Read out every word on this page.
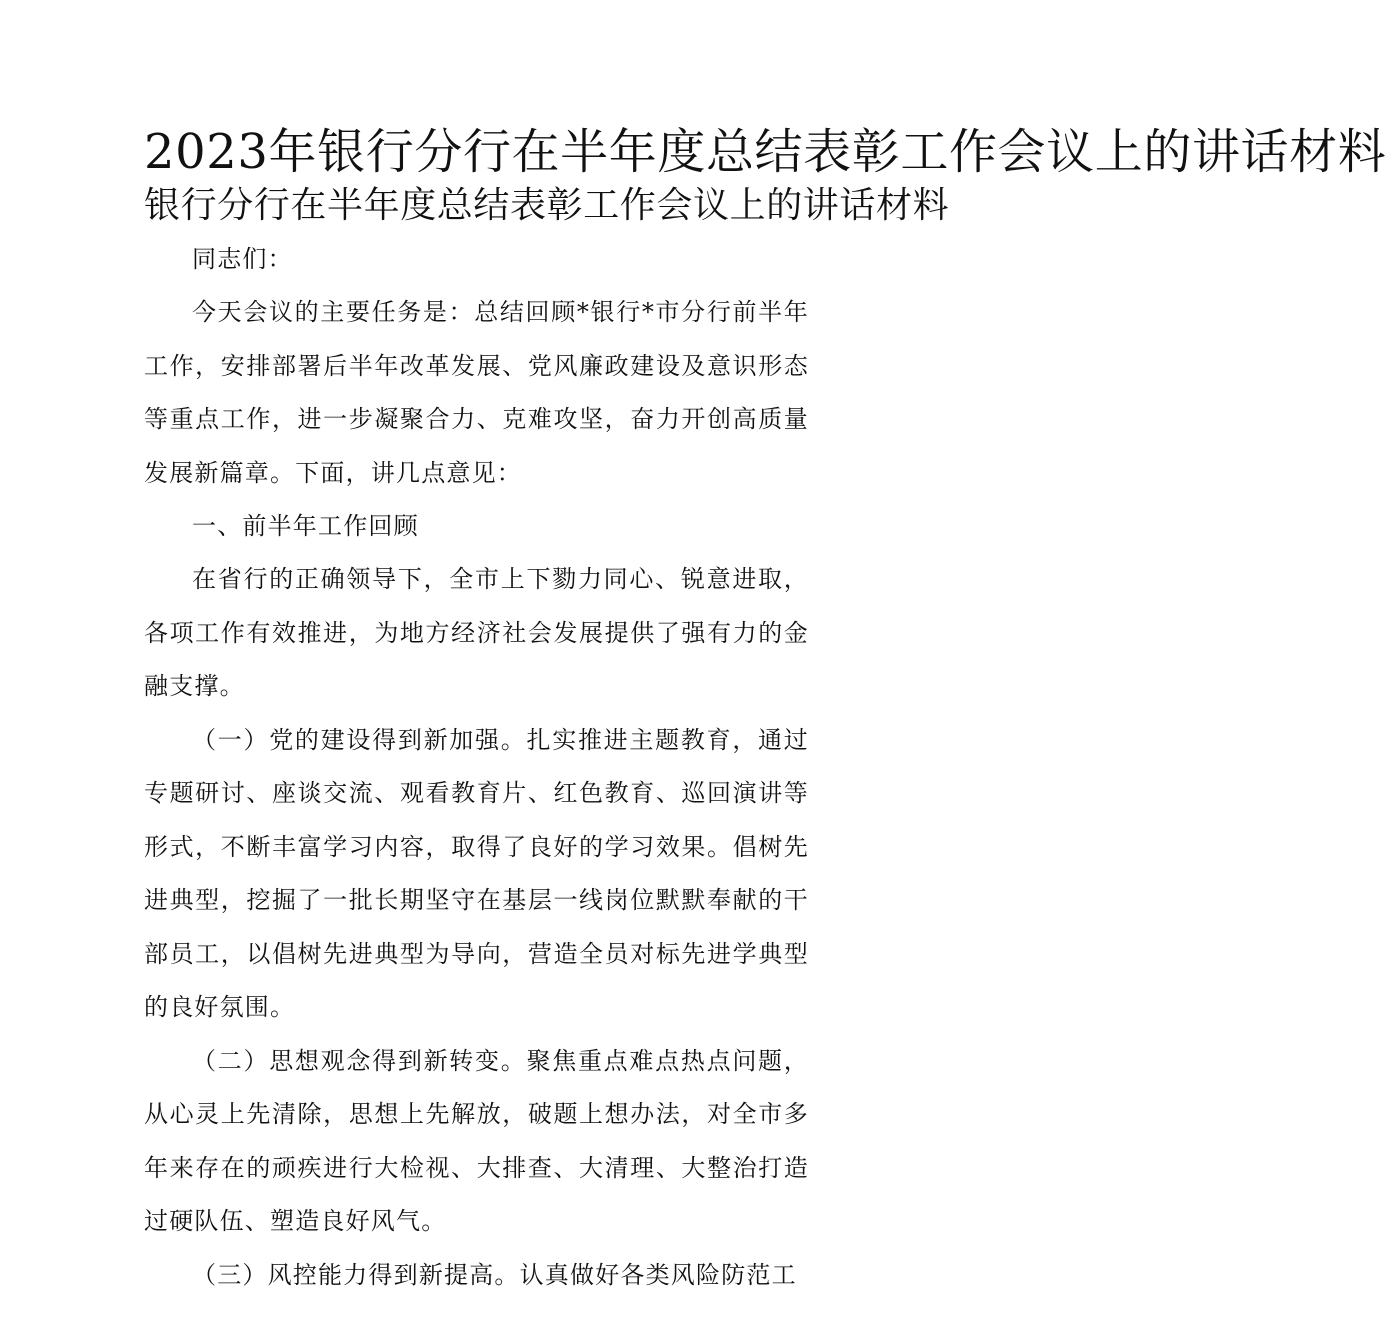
2023年银行分行在半年度总结表彰工作会议上的讲话材料
银行分行在半年度总结表彰工作会议上的讲话材料

同志们：

今天会议的主要任务是：总结回顾*银行*市分行前半年工作，安排部署后半年改革发展、党风廉政建设及意识形态等重点工作，进一步凝聚合力、克难攻坚，奋力开创高质量发展新篇章。下面，讲几点意见：

一、前半年工作回顾

在省行的正确领导下，全市上下勠力同心、锐意进取，各项工作有效推进，为地方经济社会发展提供了强有力的金融支撑。

（一）党的建设得到新加强。扎实推进主题教育，通过专题研讨、座谈交流、观看教育片、红色教育、巡回演讲等形式，不断丰富学习内容，取得了良好的学习效果。倡树先进典型，挖掘了一批长期坚守在基层一线岗位默默奉献的干部员工，以倡树先进典型为导向，营造全员对标先进学典型的良好氛围。

（二）思想观念得到新转变。聚焦重点难点热点问题，从心灵上先清除，思想上先解放，破题上想办法，对全市多年来存在的顽疾进行大检视、大排查、大清理、大整治打造过硬队伍、塑造良好风气。

（三）风控能力得到新提高。认真做好各类风险防范工
